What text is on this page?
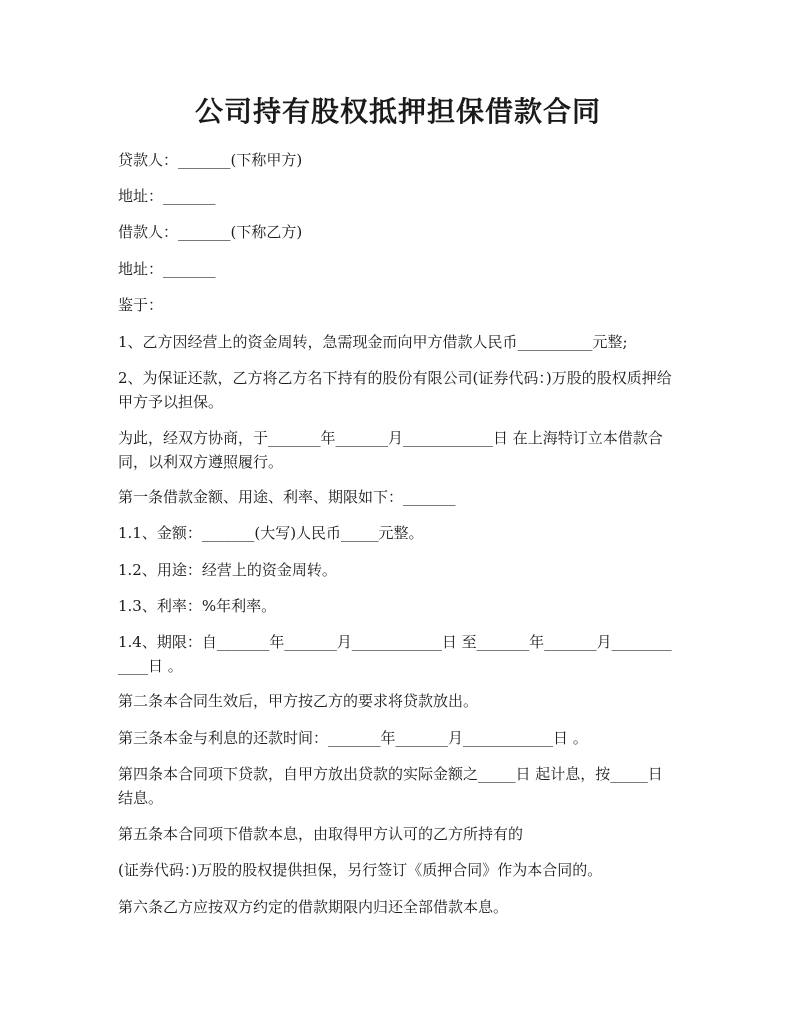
公司持有股权抵押担保借款合同

贷款人：_______(下称甲方)

地址：_______

借款人：_______(下称乙方)

地址：_______

鉴于：

1、乙方因经营上的资金周转，急需现金而向甲方借款人民币__________元整;

2、为保证还款，乙方将乙方名下持有的股份有限公司(证券代码：)万股的股权质押给甲方予以担保。

为此，经双方协商，于_______年_______月____________日 在上海特订立本借款合同，以利双方遵照履行。

第一条借款金额、用途、利率、期限如下：_______

1.1、金额：_______(大写)人民币_____元整。

1.2、用途：经营上的资金周转。

1.3、利率：%年利率。

1.4、期限：自_______年_______月____________日 至_______年_______月____________日 。

第二条本合同生效后，甲方按乙方的要求将贷款放出。

第三条本金与利息的还款时间：_______年_______月____________日 。

第四条本合同项下贷款，自甲方放出贷款的实际金额之_____日 起计息，按_____日 结息。

第五条本合同项下借款本息，由取得甲方认可的乙方所持有的

(证券代码：)万股的股权提供担保，另行签订《质押合同》作为本合同的。

第六条乙方应按双方约定的借款期限内归还全部借款本息。
